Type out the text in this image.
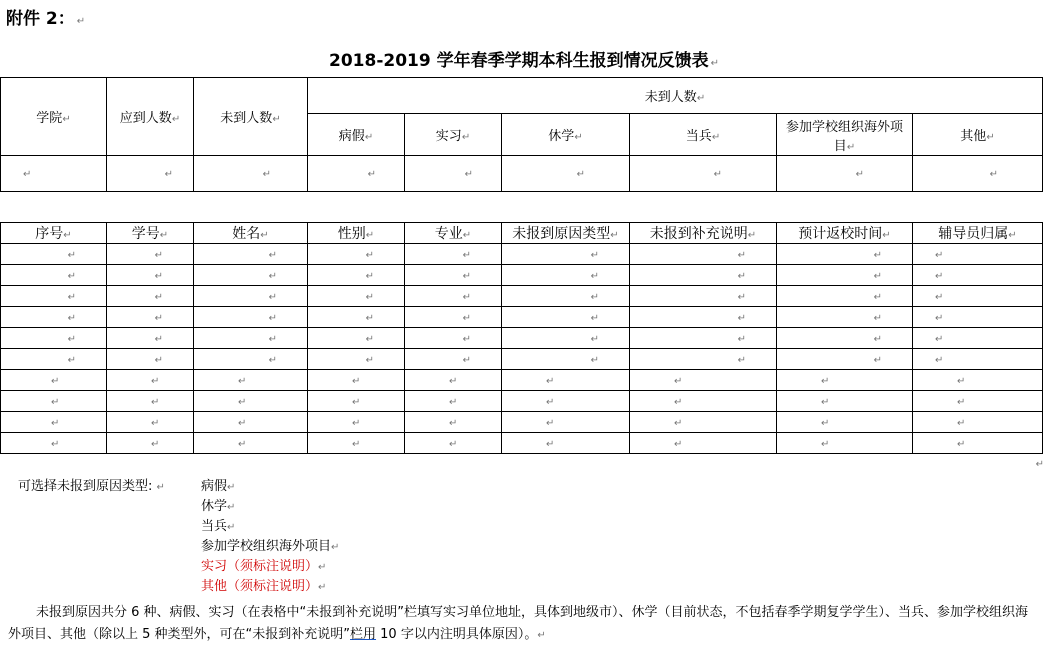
附件 2： ↵
2018-2019 学年春季学期本科生报到情况反馈表 ↵
学院↵	应到人数↵	未到人数↵	未到人数↵					
			病假↵	实习↵	休学↵	当兵↵	参加学校组织海外项目↵	其他↵
↵	↵	↵	↵	↵	↵	↵	↵	↵
序号↵	学号↵	姓名↵	性别↵	专业↵	未报到原因类型↵	未报到补充说明↵	预计返校时间↵	辅导员归属↵
↵	↵	↵	↵	↵	↵	↵	↵	↵
↵	↵	↵	↵	↵	↵	↵	↵	↵
↵	↵	↵	↵	↵	↵	↵	↵	↵
↵	↵	↵	↵	↵	↵	↵	↵	↵
↵	↵	↵	↵	↵	↵	↵	↵	↵
↵	↵	↵	↵	↵	↵	↵	↵	↵
↵	↵	↵	↵	↵	↵	↵	↵	↵
↵	↵	↵	↵	↵	↵	↵	↵	↵
↵	↵	↵	↵	↵	↵	↵	↵	↵
↵	↵	↵	↵	↵	↵	↵	↵	↵
↵
可选择未报到原因类型: ↵	病假↵
休学↵
当兵↵
参加学校组织海外项目↵
实习（须标注说明）↵
其他（须标注说明）↵
未报到原因共分 6 种、病假、实习（在表格中“未报到补充说明”栏填写实习单位地址，具体到地级市）、休学（目前状态，不包括春季学期复学学生）、当兵、参加学校组织海外项目、其他（除以上 5 种类型外，可在“未报到补充说明”栏用 10 字以内注明具体原因）。↵
